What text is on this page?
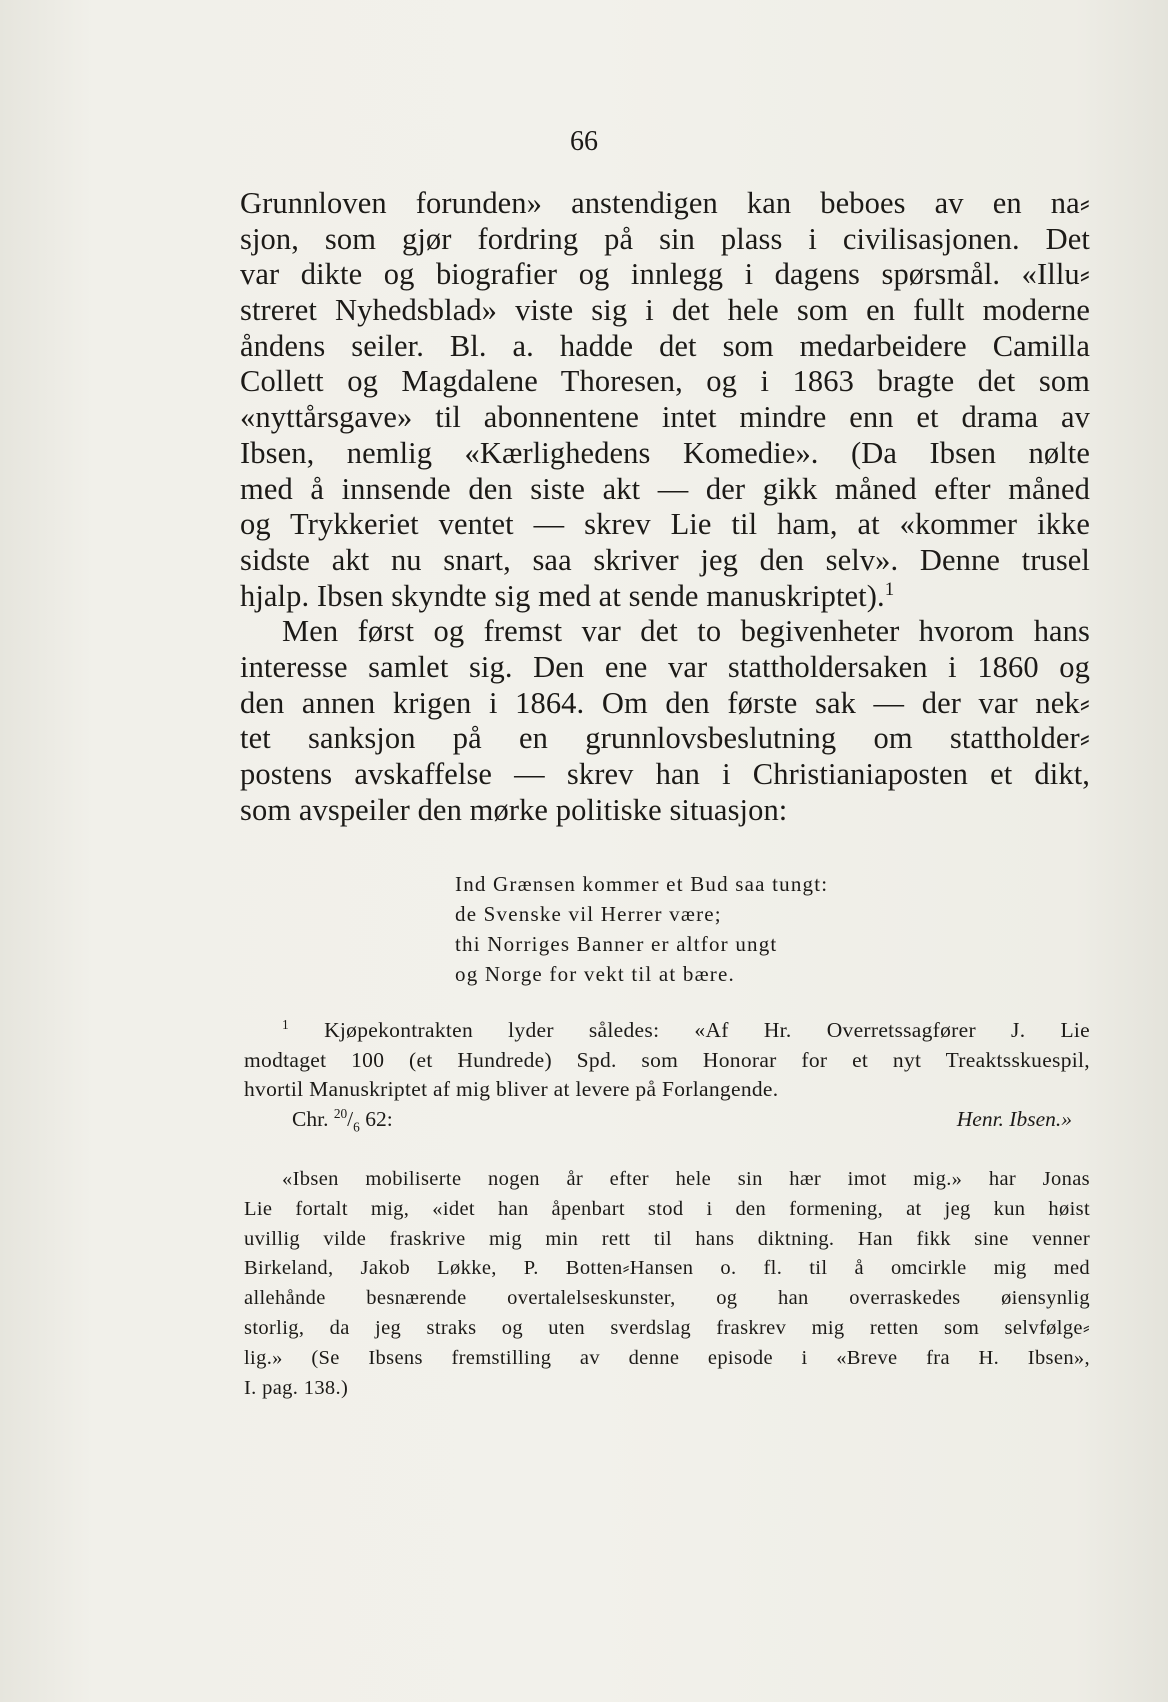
66
Grunnloven forunden» anstendigen kan beboes av en na⸗
sjon, som gjør fordring på sin plass i civilisasjonen. Det
var dikte og biografier og innlegg i dagens spørsmål. «Illu⸗
streret Nyhedsblad» viste sig i det hele som en fullt moderne
åndens seiler. Bl. a. hadde det som medarbeidere Camilla
Collett og Magdalene Thoresen, og i 1863 bragte det som
«nyttårsgave» til abonnentene intet mindre enn et drama av
Ibsen, nemlig «Kærlighedens Komedie». (Da Ibsen nølte
med å innsende den siste akt — der gikk måned efter måned
og Trykkeriet ventet — skrev Lie til ham, at «kommer ikke
sidste akt nu snart, saa skriver jeg den selv». Denne trusel
hjalp. Ibsen skyndte sig med at sende manuskriptet).$^1$
Men først og fremst var det to begivenheter hvorom hans
interesse samlet sig. Den ene var stattholdersaken i 1860 og
den annen krigen i 1864. Om den første sak — der var nek⸗
tet sanksjon på en grunnlovsbeslutning om stattholder⸗
postens avskaffelse — skrev han i Christianiaposten et dikt,
som avspeiler den mørke politiske situasjon:
Ind Grænsen kommer et Bud saa tungt:
de Svenske vil Herrer være;
thi Norriges Banner er altfor ungt
og Norge for vekt til at bære.
$^1$ Kjøpekontrakten lyder således: «Af Hr. Overretssagfører J. Lie
modtaget 100 (et Hundrede) Spd. som Honorar for et nyt Treaktsskuespil,
hvortil Manuskriptet af mig bliver at levere på Forlangende.
Chr. $^{20}/_6$ 62:	Henr. Ibsen.»
«Ibsen mobiliserte nogen år efter hele sin hær imot mig.» har Jonas
Lie fortalt mig, «idet han åpenbart stod i den formening, at jeg kun høist
uvillig vilde fraskrive mig min rett til hans diktning. Han fikk sine venner
Birkeland, Jakob Løkke, P. Botten⸗Hansen o. fl. til å omcirkle mig med
allehånde besnærende overtalelseskunster, og han overraskedes øiensynlig
storlig, da jeg straks og uten sverdslag fraskrev mig retten som selvfølge⸗
lig.» (Se Ibsens fremstilling av denne episode i «Breve fra H. Ibsen»,
I. pag. 138.)
